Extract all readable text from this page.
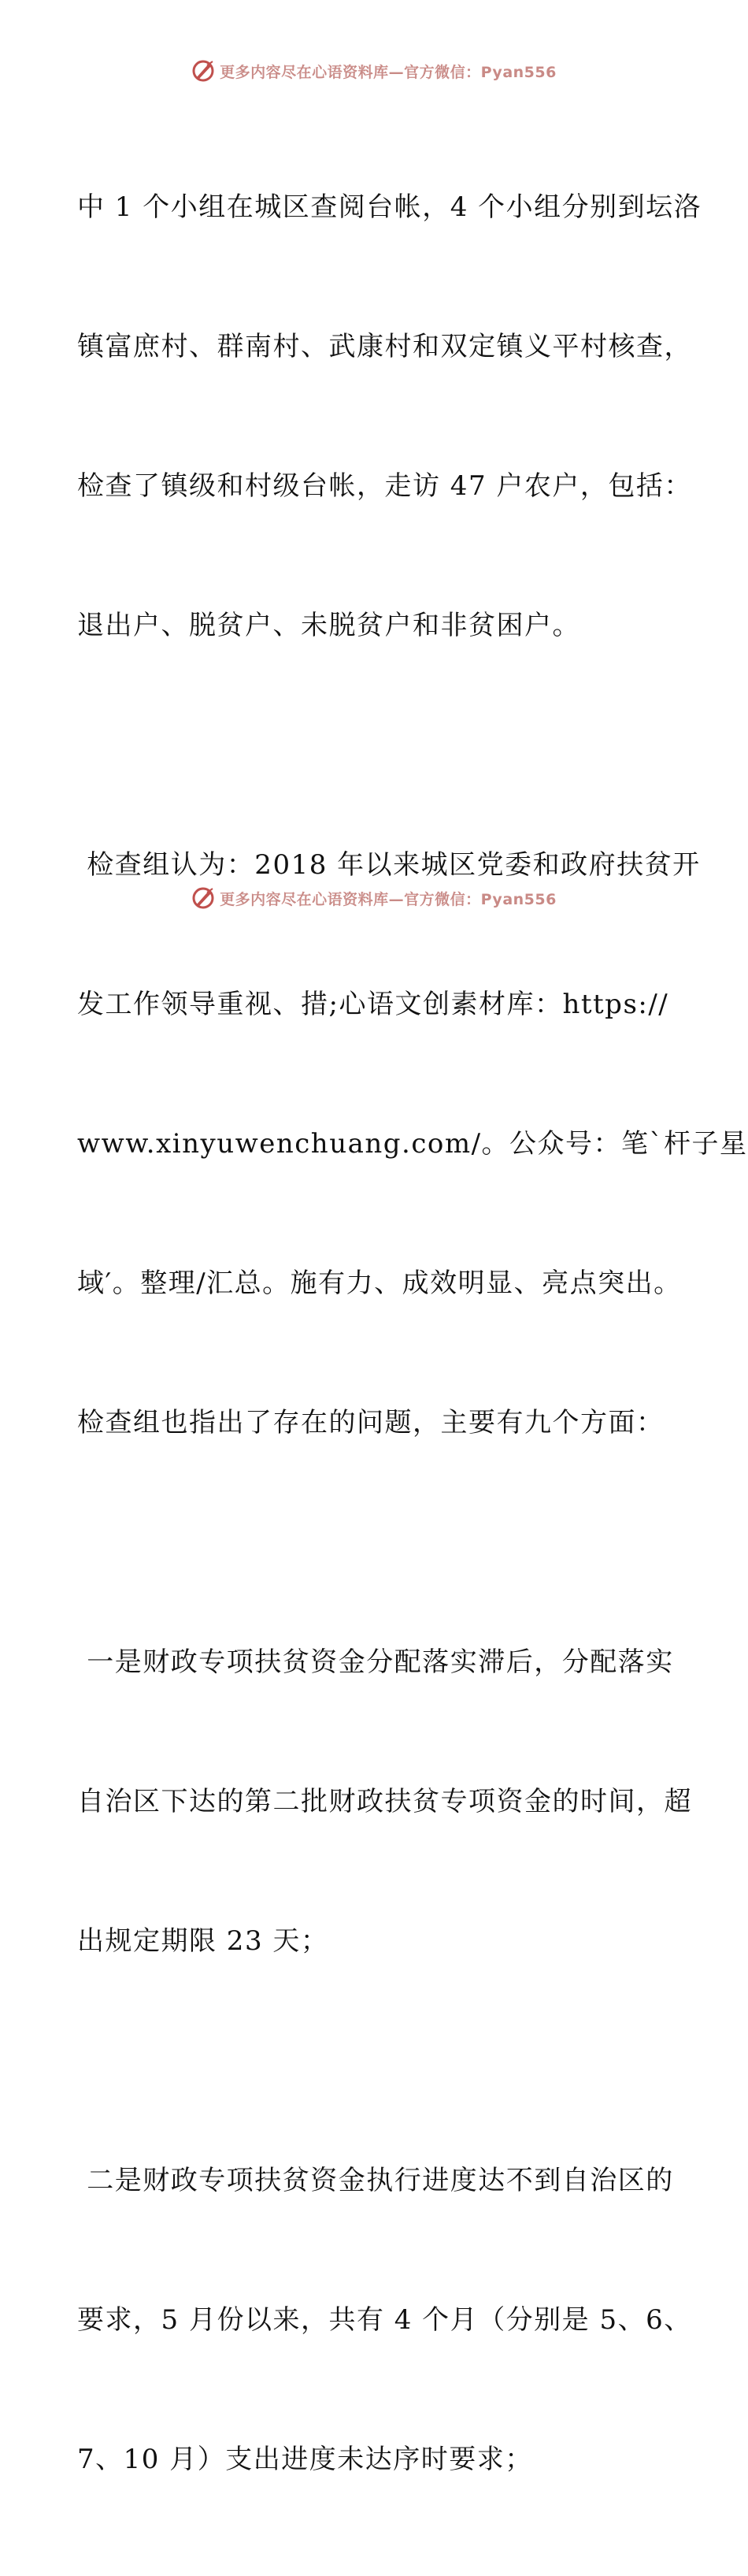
更多内容尽在心语资料库—官方微信：Pyan556

中 1 个小组在城区查阅台帐，4 个小组分别到坛洛

镇富庶村、群南村、武康村和双定镇义平村核查，

检查了镇级和村级台帐，走访 47 户农户，包括：

退出户、脱贫户、未脱贫户和非贫困户。

检查组认为：2018 年以来城区党委和政府扶贫开

发工作领导重视、措;心语文创素材库：https://

www.xinyuwenchuang.com/。公众号：笔`杆子星

域′。整理/汇总。施有力、成效明显、亮点突出。

检查组也指出了存在的问题，主要有九个方面：

一是财政专项扶贫资金分配落实滞后，分配落实

自治区下达的第二批财政扶贫专项资金的时间，超

出规定期限 23 天；

二是财政专项扶贫资金执行进度达不到自治区的

要求，5 月份以来，共有 4 个月（分别是 5、6、

7、10 月）支出进度未达序时要求；

更多内容尽在心语资料库—官方微信：Pyan556
